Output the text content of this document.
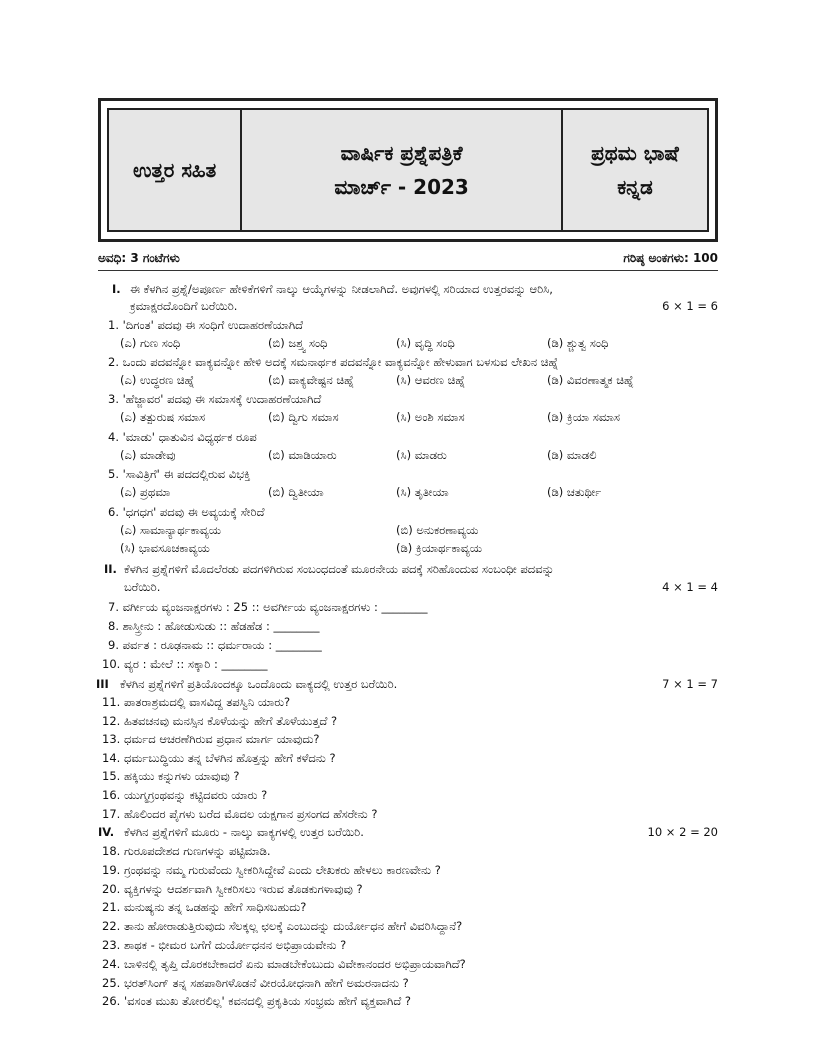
ಉತ್ತರ ಸಹಿತ
ವಾರ್ಷಿಕ ಪ್ರಶ್ನೆಪತ್ರಿಕೆ
ಮಾರ್ಚ್ - 2023
ಪ್ರಥಮ ಭಾಷೆ
ಕನ್ನಡ
ಅವಧಿ: 3 ಗಂಟೆಗಳು	ಗರಿಷ್ಠ ಅಂಕಗಳು: 100
I. ಈ ಕೆಳಗಿನ ಪ್ರಶ್ನೆ/ಅಪೂರ್ಣ ಹೇಳಿಕೆಗಳಿಗೆ ನಾಲ್ಕು ಆಯ್ಕೆಗಳನ್ನು ನೀಡಲಾಗಿದೆ. ಅವುಗಳಲ್ಲಿ ಸರಿಯಾದ ಉತ್ತರವನ್ನು ಆರಿಸಿ,
ಕ್ರಮಾಕ್ಷರದೊಂದಿಗೆ ಬರೆಯಿರಿ.	6 × 1 = 6
1. 'ದಿಗಂತ' ಪದವು ಈ ಸಂಧಿಗೆ ಉದಾಹರಣೆಯಾಗಿದೆ
(ಎ) ಗುಣ ಸಂಧಿ	(ಬಿ) ಜಶ್ತ್ವ ಸಂಧಿ	(ಸಿ) ವೃದ್ಧಿ ಸಂಧಿ	(ಡಿ) ಶ್ಚುತ್ವ ಸಂಧಿ
2. ಒಂದು ಪದವನ್ನೋ ವಾಕ್ಯವನ್ನೋ ಹೇಳಿ ಅದಕ್ಕೆ ಸಮನಾರ್ಥಕ ಪದವನ್ನೋ ವಾಕ್ಯವನ್ನೋ ಹೇಳುವಾಗ ಬಳಸುವ ಲೇಖನ ಚಿಹ್ನೆ
(ಎ) ಉದ್ಧರಣ ಚಿಹ್ನೆ	(ಬಿ) ವಾಕ್ಯವೇಷ್ಟನ ಚಿಹ್ನೆ	(ಸಿ) ಆವರಣ ಚಿಹ್ನೆ	(ಡಿ) ವಿವರಣಾತ್ಮಕ ಚಿಹ್ನೆ
3. 'ಹೆಜ್ಜಾವರ' ಪದವು ಈ ಸಮಾಸಕ್ಕೆ ಉದಾಹರಣೆಯಾಗಿದೆ
(ಎ) ತತ್ಪುರುಷ ಸಮಾಸ	(ಬಿ) ದ್ವಿಗು ಸಮಾಸ	(ಸಿ) ಅಂಶಿ ಸಮಾಸ	(ಡಿ) ಕ್ರಿಯಾ ಸಮಾಸ
4. 'ಮಾಡು' ಧಾತುವಿನ ವಿಧ್ಯರ್ಥಕ ರೂಪ
(ಎ) ಮಾಡೇವು	(ಬಿ) ಮಾಡಿಯಾರು	(ಸಿ) ಮಾಡರು	(ಡಿ) ಮಾಡಲಿ
5. 'ಸಾವಿತ್ರಿಗೆ' ಈ ಪದದಲ್ಲಿರುವ ವಿಭಕ್ತಿ
(ಎ) ಪ್ರಥಮಾ	(ಬಿ) ದ್ವಿತೀಯಾ	(ಸಿ) ತೃತೀಯಾ	(ಡಿ) ಚತುರ್ಥೀ
6. 'ಧಗಧಗ' ಪದವು ಈ ಅವ್ಯಯಕ್ಕೆ ಸೇರಿದೆ
(ಎ) ಸಾಮಾನ್ಯಾರ್ಥಕಾವ್ಯಯ	(ಬಿ) ಅನುಕರಣಾವ್ಯಯ
(ಸಿ) ಭಾವಸೂಚಕಾವ್ಯಯ	(ಡಿ) ಕ್ರಿಯಾರ್ಥಕಾವ್ಯಯ
II. ಕೆಳಗಿನ ಪ್ರಶ್ನೆಗಳಿಗೆ ಮೊದಲೆರಡು ಪದಗಳಿಗಿರುವ ಸಂಬಂಧದಂತೆ ಮೂರನೇಯ ಪದಕ್ಕೆ ಸರಿಹೊಂದುವ ಸಂಬಂಧೀ ಪದವನ್ನು
ಬರೆಯಿರಿ.	4 × 1 = 4
7. ವರ್ಗೀಯ ವ್ಯಂಜನಾಕ್ಷರಗಳು : 25 :: ಅವರ್ಗೀಯ ವ್ಯಂಜನಾಕ್ಷರಗಳು : ________
8. ಶಾಸ್ತ್ರೀನು : ಹೋಡುಸುಡು :: ಹೆಡಹೆಡ : ________
9. ಪರ್ವತ : ರೂಢನಾಮ :: ಧರ್ಮರಾಯ : ________
10. ವ್ಯರ : ಮೇಲೆ :: ಸಕ್ಕಾರಿ : ________
III ಕೆಳಗಿನ ಪ್ರಶ್ನೆಗಳಿಗೆ ಪ್ರತಿಯೊಂದಕ್ಕೂ ಒಂದೊಂದು ವಾಕ್ಯದಲ್ಲಿ ಉತ್ತರ ಬರೆಯಿರಿ.	7 × 1 = 7
11. ಪಾತರಾಶ್ರಮದಲ್ಲಿ ವಾಸವಿದ್ದ ತಪಸ್ವಿನಿ ಯಾರು?
12. ಹಿತವಚನವು ಮನಸ್ಸಿನ ಕೊಳೆಯನ್ನು ಹೇಗೆ ತೊಳೆಯುತ್ತದೆ ?
13. ಧರ್ಮದ ಆಚರಣೆಗಿರುವ ಪ್ರಧಾನ ಮಾರ್ಗ ಯಾವುದು?
14. ಧರ್ಮಬುದ್ಧಿಯು ತನ್ನ ಬೆಳಗಿನ ಹೊತ್ತನ್ನು ಹೇಗೆ ಕಳೆದನು ?
15. ಹಕ್ಕಿಯು ಕನ್ನುಗಳು ಯಾವುವು ?
16. ಯುಗ್ಮಗ್ರಂಥವನ್ನು ಕಟ್ಟಿದವರು ಯಾರು ?
17. ಹೊಲಿಂದರ ಪೈಗಳು ಬರೆದ ಮೊದಲ ಯಕ್ಷಗಾನ ಪ್ರಸಂಗದ ಹೆಸರೇನು ?
IV. ಕೆಳಗಿನ ಪ್ರಶ್ನೆಗಳಿಗೆ ಮೂರು - ನಾಲ್ಕು ವಾಕ್ಯಗಳಲ್ಲಿ ಉತ್ತರ ಬರೆಯಿರಿ.	10 × 2 = 20
18. ಗುರೂಪದೇಶದ ಗುಣಗಳನ್ನು ಪಟ್ಟಿಮಾಡಿ.
19. ಗ್ರಂಥವನ್ನು ನಮ್ಮ ಗುರುವೆಂದು ಸ್ವೀಕರಿಸಿದ್ದೇವೆ ಎಂದು ಲೇಖಕರು ಹೇಳಲು ಕಾರಣವೇನು ?
20. ವ್ಯಕ್ತಿಗಳನ್ನು ಆದರ್ಶವಾಗಿ ಸ್ವೀಕರಿಸಲು ಇರುವ ತೊಡಕುಗಳಾವುವು ?
21. ಮನುಷ್ಯನು ತನ್ನ ಒಡಹನ್ನು ಹೇಗೆ ಸಾಧಿಸಬಹುದು?
22. ತಾನು ಹೋರಾಡುತ್ತಿರುವುದು ಸೆಲಕ್ಕಲ್ಲ ಛಲಕ್ಕೆ ಎಂಬುದನ್ನು ದುರ್ಯೋಧನ ಹೇಗೆ ವಿವರಿಸಿದ್ದಾನೆ?
23. ಶಾಥಕ - ಭೀಮರ ಬಗೆಗೆ ದುರ್ಯೋಧನನ ಅಭಿಪ್ರಾಯವೇನು ?
24. ಬಾಳಿನಲ್ಲಿ ತೃಪ್ತಿ ದೊರಕಬೇಕಾದರೆ ಏನು ಮಾಡಬೇಕೆಂಬುದು ವಿವೇಕಾನಂದರ ಅಭಿಪ್ರಾಯವಾಗಿದೆ?
25. ಭರತ್‌ಸಿಂಗ್ ತನ್ನ ಸಹಪಾಠಿಗಳೊಡನೆ ವೀರಯೋಧನಾಗಿ ಹೇಗೆ ಅಮರನಾದನು ?
26. 'ವಸಂತ ಮುಖ ತೋರಲಿಲ್ಲ' ಕವನದಲ್ಲಿ ಪ್ರಕೃತಿಯ ಸಂಭ್ರಮ ಹೇಗೆ ವ್ಯಕ್ತವಾಗಿದೆ ?
